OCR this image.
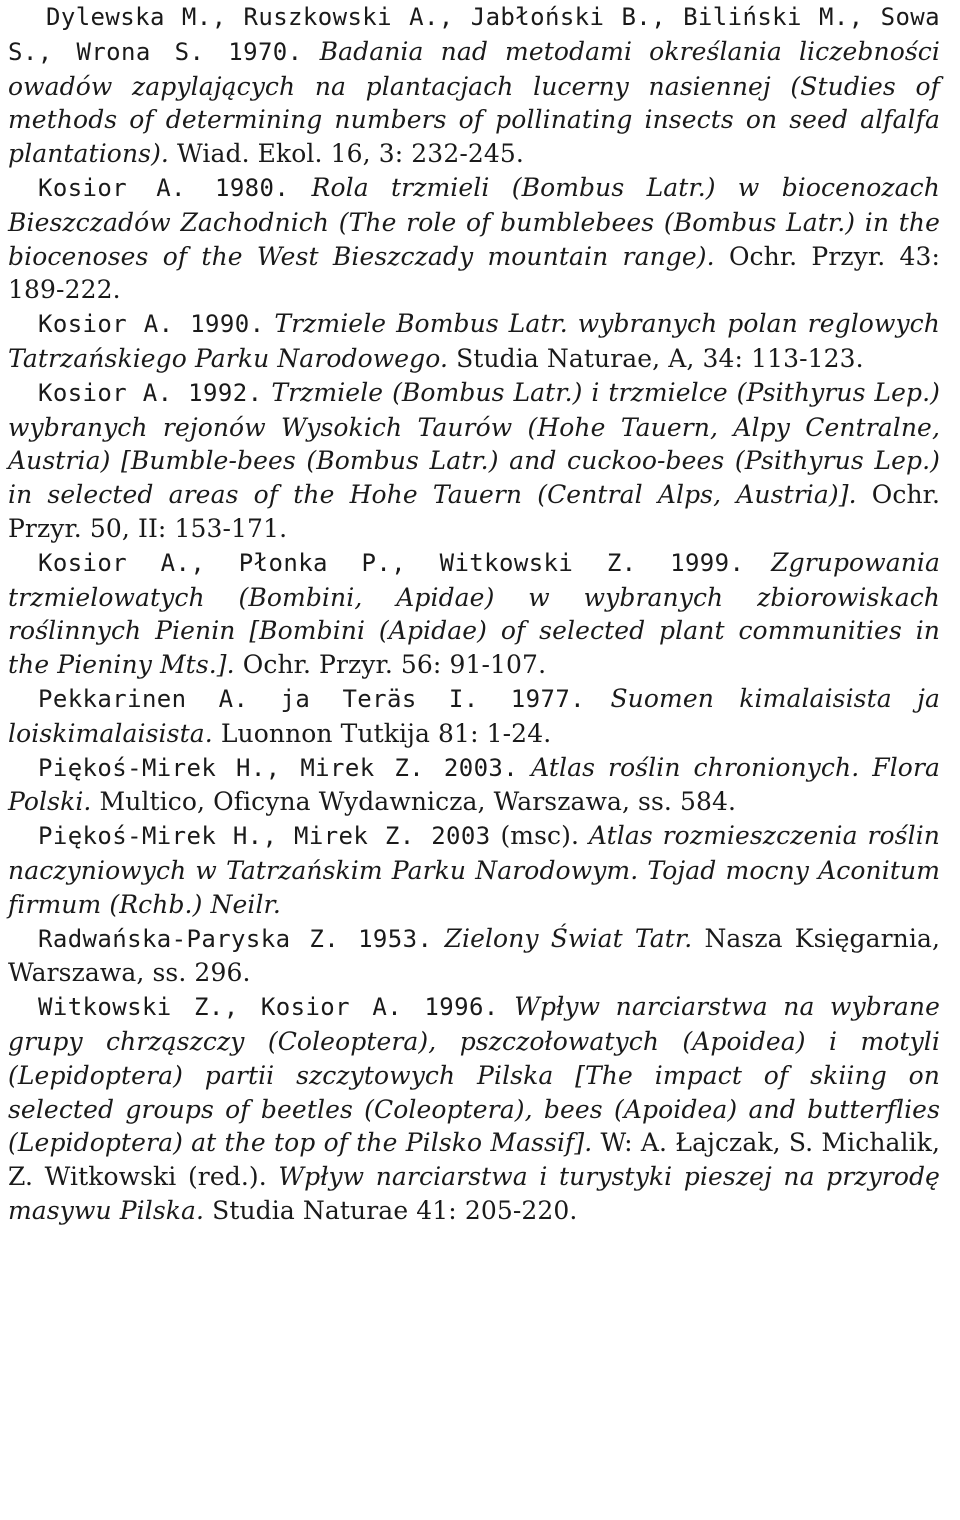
Dylewska M., Ruszkowski A., Jabłoński B., Biliński M., Sowa S., Wrona S. 1970. Badania nad metodami określania liczebności owadów zapylających na plantacjach lucerny nasiennej (Studies of methods of determining numbers of pollinating insects on seed alfalfa plantations). Wiad. Ekol. 16, 3: 232-245.

Kosior A. 1980. Rola trzmieli (Bombus Latr.) w biocenozach Bieszczadów Zachodnich (The role of bumblebees (Bombus Latr.) in the biocenoses of the West Bieszczady mountain range). Ochr. Przyr. 43: 189-222.

Kosior A. 1990. Trzmiele Bombus Latr. wybranych polan reglowych Tatrzańskiego Parku Narodowego. Studia Naturae, A, 34: 113-123.

Kosior A. 1992. Trzmiele (Bombus Latr.) i trzmielce (Psithyrus Lep.) wybranych rejonów Wysokich Taurów (Hohe Tauern, Alpy Centralne, Austria) [Bumble-bees (Bombus Latr.) and cuckoo-bees (Psithyrus Lep.) in selected areas of the Hohe Tauern (Central Alps, Austria)]. Ochr. Przyr. 50, II: 153-171.

Kosior A., Płonka P., Witkowski Z. 1999. Zgrupowania trzmielowatych (Bombini, Apidae) w wybranych zbiorowiskach roślinnych Pienin [Bombini (Apidae) of selected plant communities in the Pieniny Mts.]. Ochr. Przyr. 56: 91-107.

Pekkarinen A. ja Teräs I. 1977. Suomen kimalaisista ja loiskimalaisista. Luonnon Tutkija 81: 1-24.

Piękoś-Mirek H., Mirek Z. 2003. Atlas roślin chronionych. Flora Polski. Multico, Oficyna Wydawnicza, Warszawa, ss. 584.

Piękoś-Mirek H., Mirek Z. 2003 (msc). Atlas rozmieszczenia roślin naczyniowych w Tatrzańskim Parku Narodowym. Tojad mocny Aconitum firmum (Rchb.) Neilr.

Radwańska-Paryska Z. 1953. Zielony Świat Tatr. Nasza Księgarnia, Warszawa, ss. 296.

Witkowski Z., Kosior A. 1996. Wpływ narciarstwa na wybrane grupy chrząszczy (Coleoptera), pszczołowatych (Apoidea) i motyli (Lepidoptera) partii szczytowych Pilska [The impact of skiing on selected groups of beetles (Coleoptera), bees (Apoidea) and butterflies (Lepidoptera) at the top of the Pilsko Massif]. W: A. Łajczak, S. Michalik, Z. Witkowski (red.). Wpływ narciarstwa i turystyki pieszej na przyrodę masywu Pilska. Studia Naturae 41: 205-220.
